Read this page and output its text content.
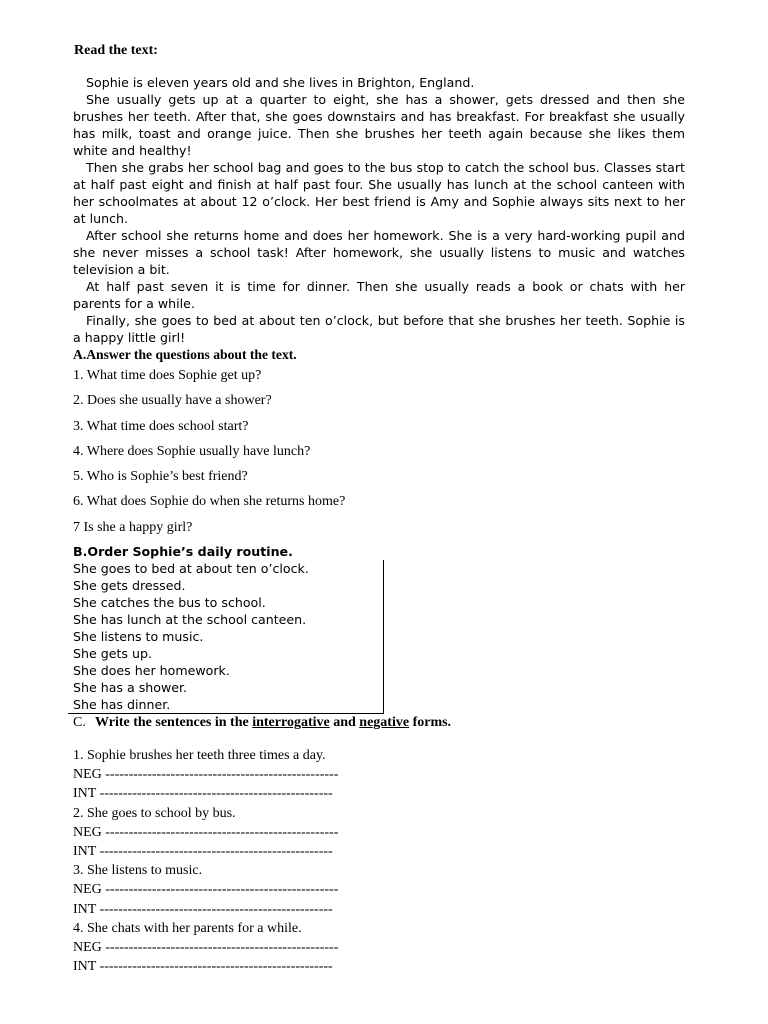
Read the text:

Sophie is eleven years old and she lives in Brighton, England.

She usually gets up at a quarter to eight, she has a shower, gets dressed and then she brushes her teeth. After that, she goes downstairs and has breakfast. For breakfast she usually has milk, toast and orange juice. Then she brushes her teeth again because she likes them white and healthy!

Then she grabs her school bag and goes to the bus stop to catch the school bus. Classes start at half past eight and finish at half past four. She usually has lunch at the school canteen with her schoolmates at about 12 o’clock. Her best friend is Amy and Sophie always sits next to her at lunch.

After school she returns home and does her homework. She is a very hard-working pupil and she never misses a school task! After homework, she usually listens to music and watches television a bit.

At half past seven it is time for dinner. Then she usually reads a book or chats with her parents for a while.

Finally, she goes to bed at about ten o’clock, but before that she brushes her teeth. Sophie is a happy little girl!

A.Answer the questions about the text.
1. What time does Sophie get up?
2. Does she usually have a shower?
3. What time does school start?
4. Where does Sophie usually have lunch?
5. Who is Sophie’s best friend?
6. What does Sophie do when she returns home?
7 Is she a happy girl?
B.Order Sophie’s daily routine.
She goes to bed at about ten o’clock.
She gets dressed.
She catches the bus to school.
She has lunch at the school canteen.
She listens to music.
She gets up.
She does her homework.
She has a shower.
She has dinner.
C. Write the sentences in the interrogative and negative forms.
1. Sophie brushes her teeth three times a day.
NEG --------------------------------------------------
INT --------------------------------------------------
2. She goes to school by bus.
NEG --------------------------------------------------
INT --------------------------------------------------
3. She listens to music.
NEG --------------------------------------------------
INT --------------------------------------------------
4. She chats with her parents for a while.
NEG --------------------------------------------------
INT --------------------------------------------------
